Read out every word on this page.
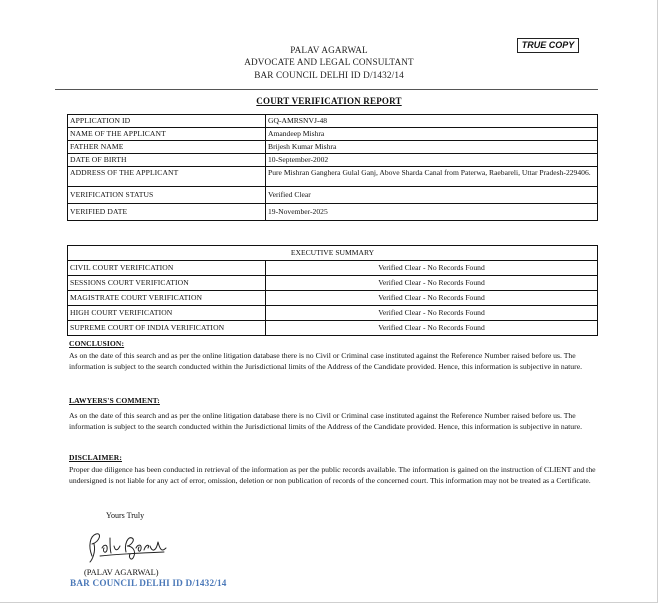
PALAV AGARWAL
ADVOCATE AND LEGAL CONSULTANT
BAR COUNCIL DELHI ID D/1432/14
TRUE COPY
COURT VERIFICATION REPORT
APPLICATION ID	GQ-AMRSNVJ-48
NAME OF THE APPLICANT	Amandeep Mishra
FATHER NAME	Brijesh Kumar Mishra
DATE OF BIRTH	10-September-2002
ADDRESS OF THE APPLICANT	Pure Mishran Ganghera Gulal Ganj, Above Sharda Canal from Paterwa, Raebareli, Uttar Pradesh-229406.
VERIFICATION STATUS	Verified Clear
VERIFIED DATE	19-November-2025
EXECUTIVE SUMMARY	
CIVIL COURT VERIFICATION	Verified Clear - No Records Found
SESSIONS COURT VERIFICATION	Verified Clear - No Records Found
MAGISTRATE COURT VERIFICATION	Verified Clear - No Records Found
HIGH COURT VERIFICATION	Verified Clear - No Records Found
SUPREME COURT OF INDIA VERIFICATION	Verified Clear - No Records Found
CONCLUSION:
As on the date of this search and as per the online litigation database there is no Civil or Criminal case instituted against the Reference Number raised before us. The information is subject to the search conducted within the Jurisdictional limits of the Address of the Candidate provided. Hence, this information is subjective in nature.
LAWYERS'S COMMENT:
As on the date of this search and as per the online litigation database there is no Civil or Criminal case instituted against the Reference Number raised before us. The information is subject to the search conducted within the Jurisdictional limits of the Address of the Candidate provided. Hence, this information is subjective in nature.
DISCLAIMER:
Proper due diligence has been conducted in retrieval of the information as per the public records available. The information is gained on the instruction of CLIENT and the undersigned is not liable for any act of error, omission, deletion or non publication of records of the concerned court. This information may not be treated as a Certificate.
Yours Truly
(PALAV AGARWAL)
BAR COUNCIL DELHI ID D/1432/14
